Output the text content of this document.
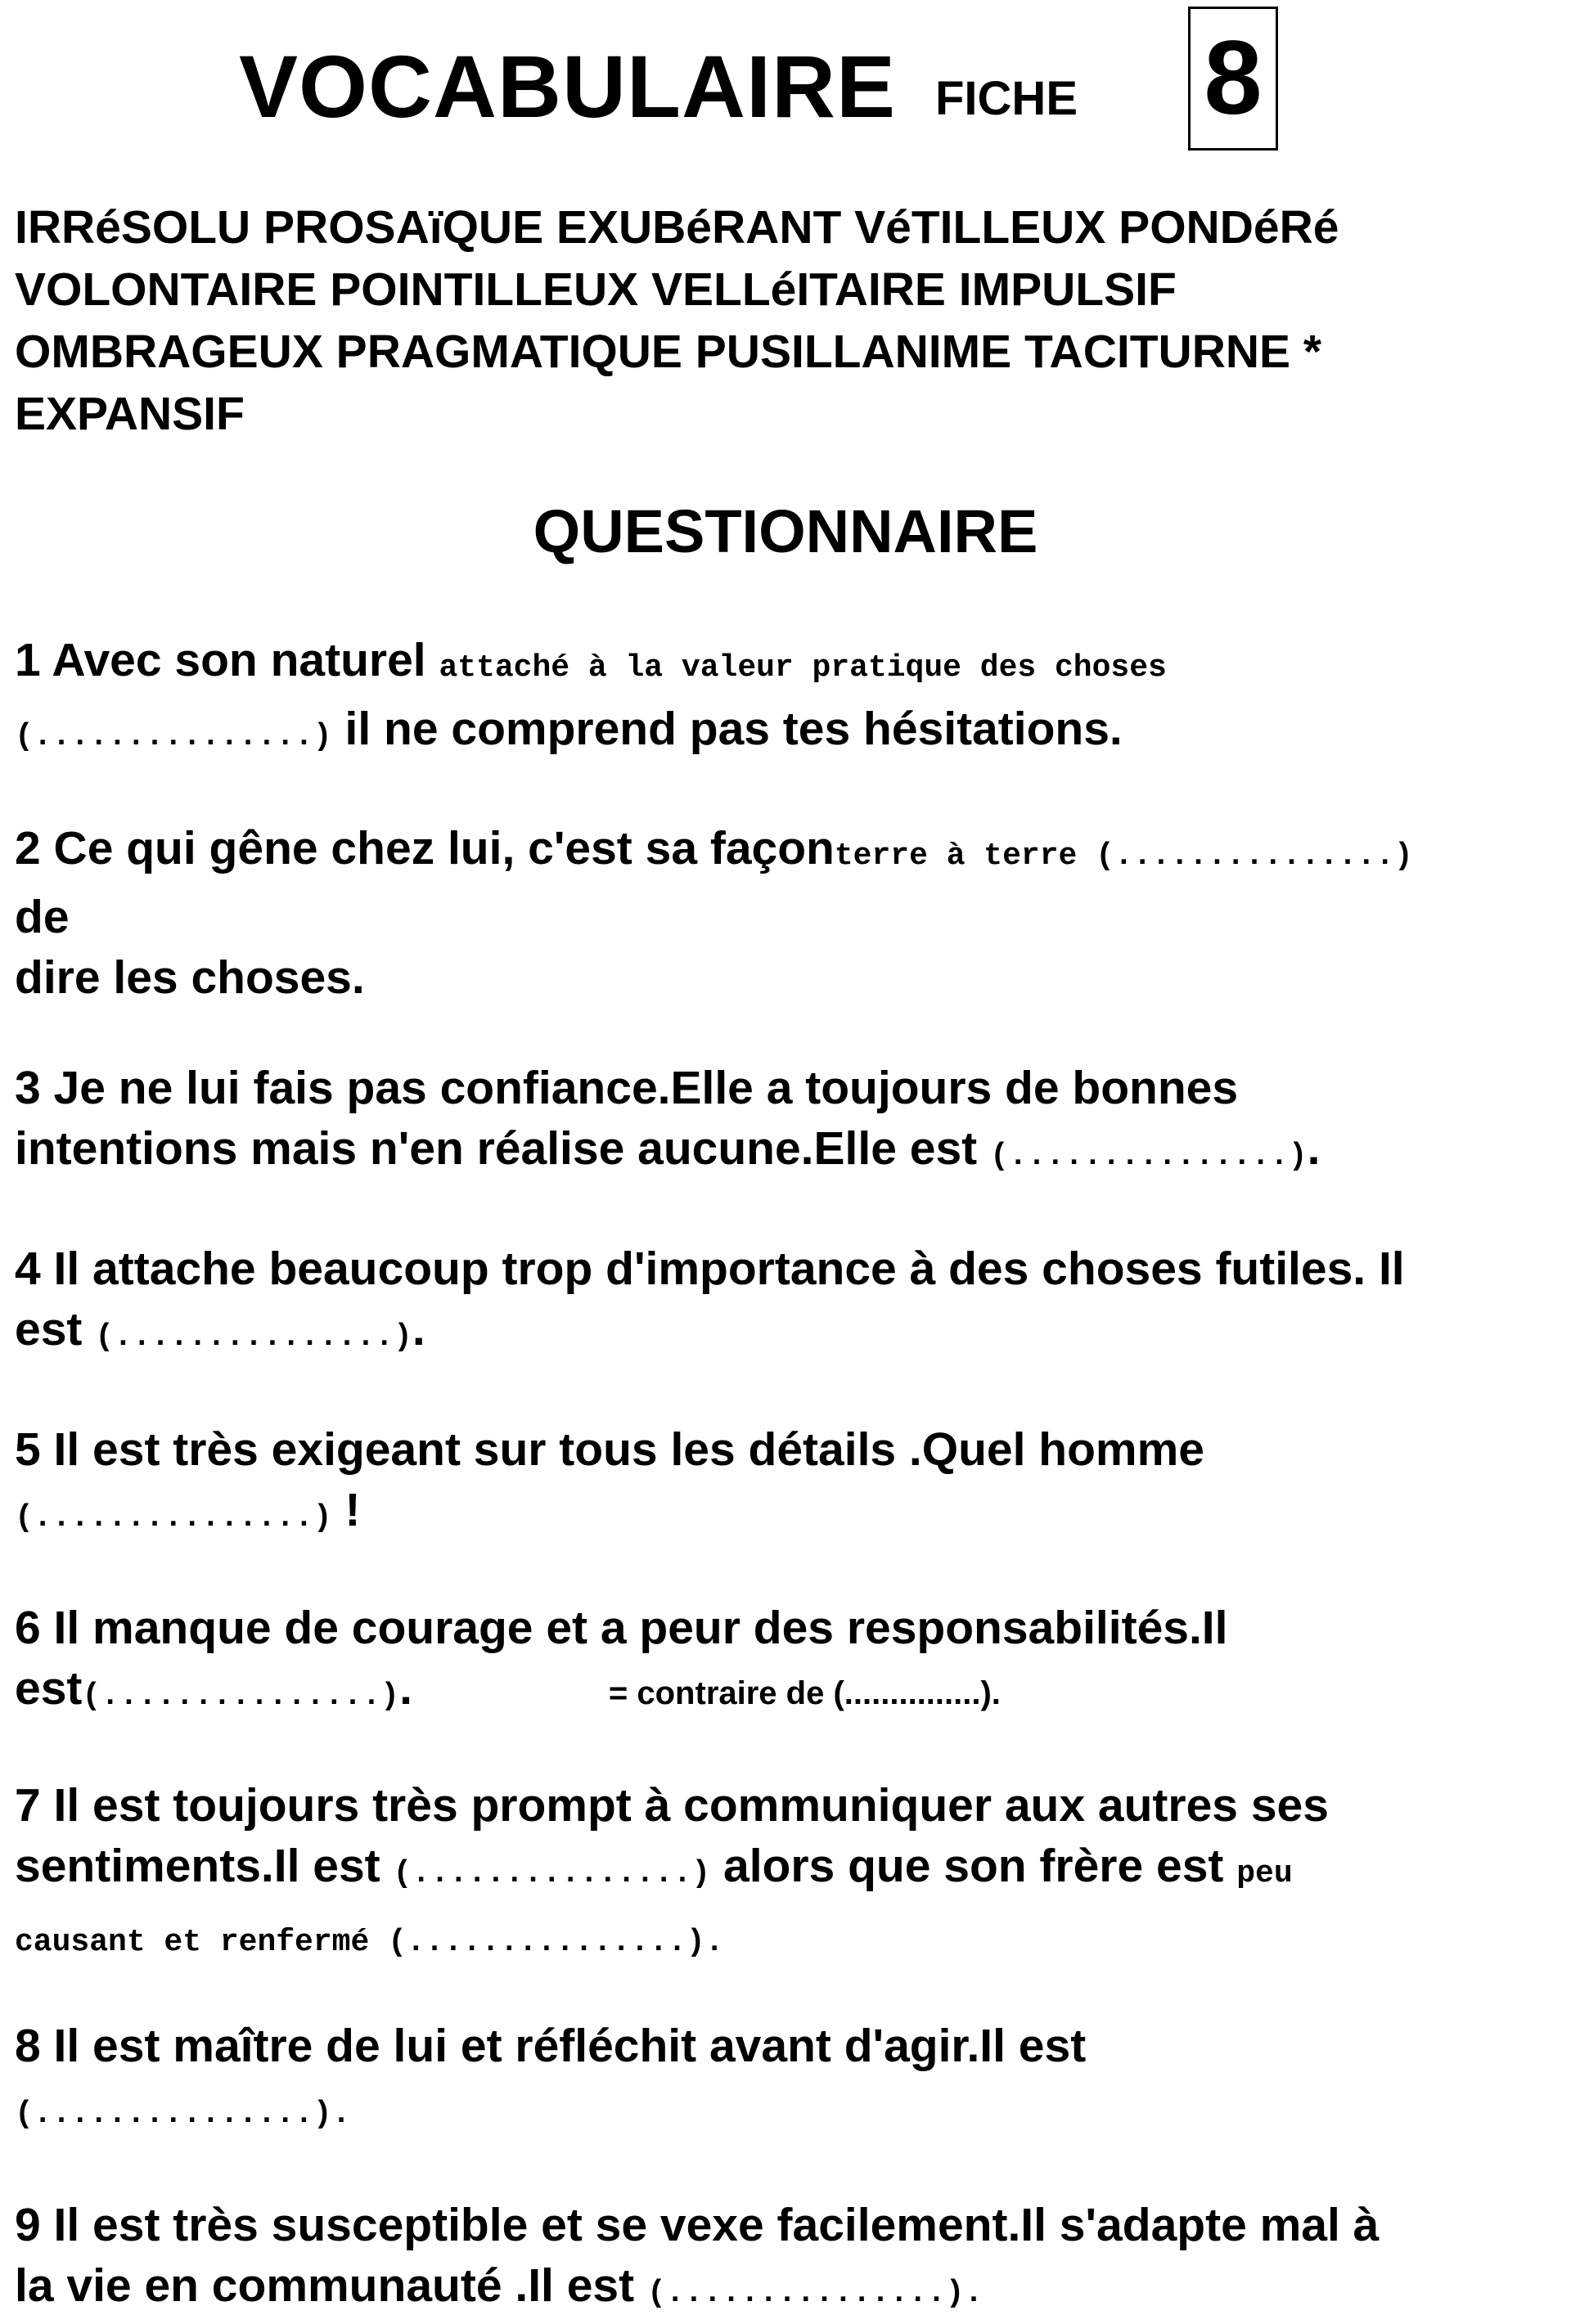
VOCABULAIRE FICHE 8
IRRéSOLU PROSAïQUE EXUBéRANT VéTILLEUX PONDéRé
VOLONTAIRE POINTILLEUX VELLéITAIRE IMPULSIF
OMBRAGEUX PRAGMATIQUE PUSILLANIME TACITURNE *
EXPANSIF
QUESTIONNAIRE
1 Avec son naturel attaché à la valeur pratique des choses
(...............) il ne comprend pas tes hésitations.
2 Ce qui gêne chez lui, c'est sa façonterre à terre (...............)
de
dire les choses.
3 Je ne lui fais pas confiance.Elle a toujours de bonnes
intentions mais n'en réalise aucune.Elle est (...............).
4 Il attache beaucoup trop d'importance à des choses futiles. Il
est (...............).
5 Il est très exigeant sur tous les détails .Quel homme
(...............) !
6 Il manque de courage et a peur des responsabilités.Il
est(...............).	= contraire de (...............).
7 Il est toujours très prompt à communiquer aux autres ses
sentiments.Il est (...............) alors que son frère est peu
causant et renfermé (...............).
8 Il est maître de lui et réfléchit avant d'agir.Il est
(...............).
9 Il est très susceptible et se vexe facilement.Il s'adapte mal à
la vie en communauté .Il est (...............).
